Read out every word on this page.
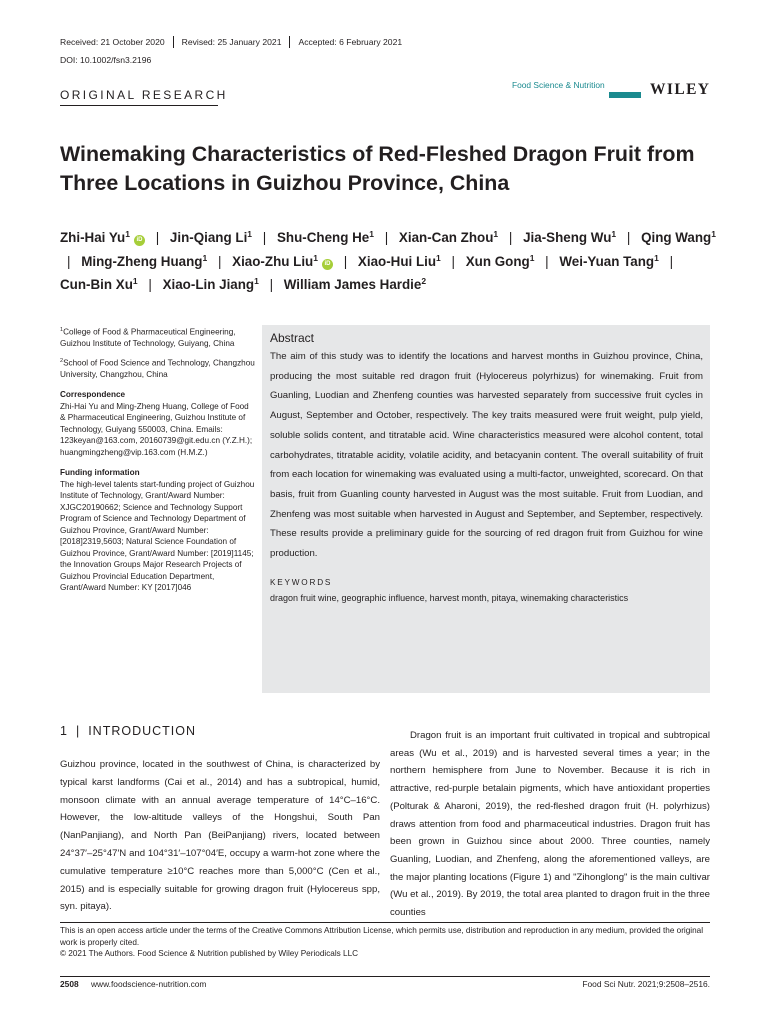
Received: 21 October 2020	Revised: 25 January 2021	Accepted: 6 February 2021
DOI: 10.1002/fsn3.2196
ORIGINAL RESEARCH
Food Science & Nutrition	WILEY
Winemaking Characteristics of Red-Fleshed Dragon Fruit from Three Locations in Guizhou Province, China
Zhi-Hai Yu$^1$iD | Jin-Qiang Li$^1$ | Shu-Cheng He$^1$ | Xian-Can Zhou$^1$ | Jia-Sheng Wu$^1$ | Qing Wang$^1$ | Ming-Zheng Huang$^1$ | Xiao-Zhu Liu$^1$iD | Xiao-Hui Liu$^1$ | Xun Gong$^1$ | Wei-Yuan Tang$^1$ | Cun-Bin Xu$^1$ | Xiao-Lin Jiang$^1$ | William James Hardie$^2$
$^1$College of Food & Pharmaceutical Engineering, Guizhou Institute of Technology, Guiyang, China
$^2$School of Food Science and Technology, Changzhou University, Changzhou, China
Correspondence

Zhi-Hai Yu and Ming-Zheng Huang, College of Food & Pharmaceutical Engineering, Guizhou Institute of Technology, Guiyang 550003, China. Emails: 123keyan@163.com, 20160739@git.edu.cn (Y.Z.H.); huangmingzheng@vip.163.com (H.M.Z.)

Funding information

The high-level talents start-funding project of Guizhou Institute of Technology, Grant/Award Number: XJGC20190662; Science and Technology Support Program of Science and Technology Department of Guizhou Province, Grant/Award Number: [2018]2319,5603; Natural Science Foundation of Guizhou Province, Grant/Award Number: [2019]1145; the Innovation Groups Major Research Projects of Guizhou Provincial Education Department, Grant/Award Number: KY [2017]046

Abstract
The aim of this study was to identify the locations and harvest months in Guizhou province, China, producing the most suitable red dragon fruit (Hylocereus polyrhizus) for winemaking. Fruit from Guanling, Luodian and Zhenfeng counties was harvested separately from successive fruit cycles in August, September and October, respectively. The key traits measured were fruit weight, pulp yield, soluble solids content, and titratable acid. Wine characteristics measured were alcohol content, total carbohydrates, titratable acidity, volatile acidity, and betacyanin content. The overall suitability of fruit from each location for winemaking was evaluated using a multi-factor, unweighted, scorecard. On that basis, fruit from Guanling county harvested in August was the most suitable. Fruit from Luodian, and Zhenfeng was most suitable when harvested in August and September, and September, respectively. These results provide a preliminary guide for the sourcing of red dragon fruit from Guizhou for wine production.
KEYWORDS
dragon fruit wine, geographic influence, harvest month, pitaya, winemaking characteristics
1 | INTRODUCTION

Guizhou province, located in the southwest of China, is characterized by typical karst landforms (Cai et al., 2014) and has a subtropical, humid, monsoon climate with an annual average temperature of 14°C–16°C. However, the low-altitude valleys of the Hongshui, South Pan (NanPanjiang), and North Pan (BeiPanjiang) rivers, located between 24°37′–25°47′N and 104°31′–107°04′E, occupy a warm-hot zone where the cumulative temperature ≥10°C reaches more than 5,000°C (Cen et al., 2015) and is especially suitable for growing dragon fruit (Hylocereus spp, syn. pitaya).

Dragon fruit is an important fruit cultivated in tropical and subtropical areas (Wu et al., 2019) and is harvested several times a year; in the northern hemisphere from June to November. Because it is rich in attractive, red-purple betalain pigments, which have antioxidant properties (Polturak & Aharoni, 2019), the red-fleshed dragon fruit (H. polyrhizus) draws attention from food and pharmaceutical industries. Dragon fruit has been grown in Guizhou since about 2000. Three counties, namely Guanling, Luodian, and Zhenfeng, along the aforementioned valleys, are the major planting locations (Figure 1) and "Zihonglong" is the main cultivar (Wu et al., 2019). By 2019, the total area planted to dragon fruit in the three counties

This is an open access article under the terms of the Creative Commons Attribution License, which permits use, distribution and reproduction in any medium, provided the original work is properly cited.
© 2021 The Authors. Food Science & Nutrition published by Wiley Periodicals LLC
2508 www.foodscience-nutrition.com	Food Sci Nutr. 2021;9:2508–2516.
